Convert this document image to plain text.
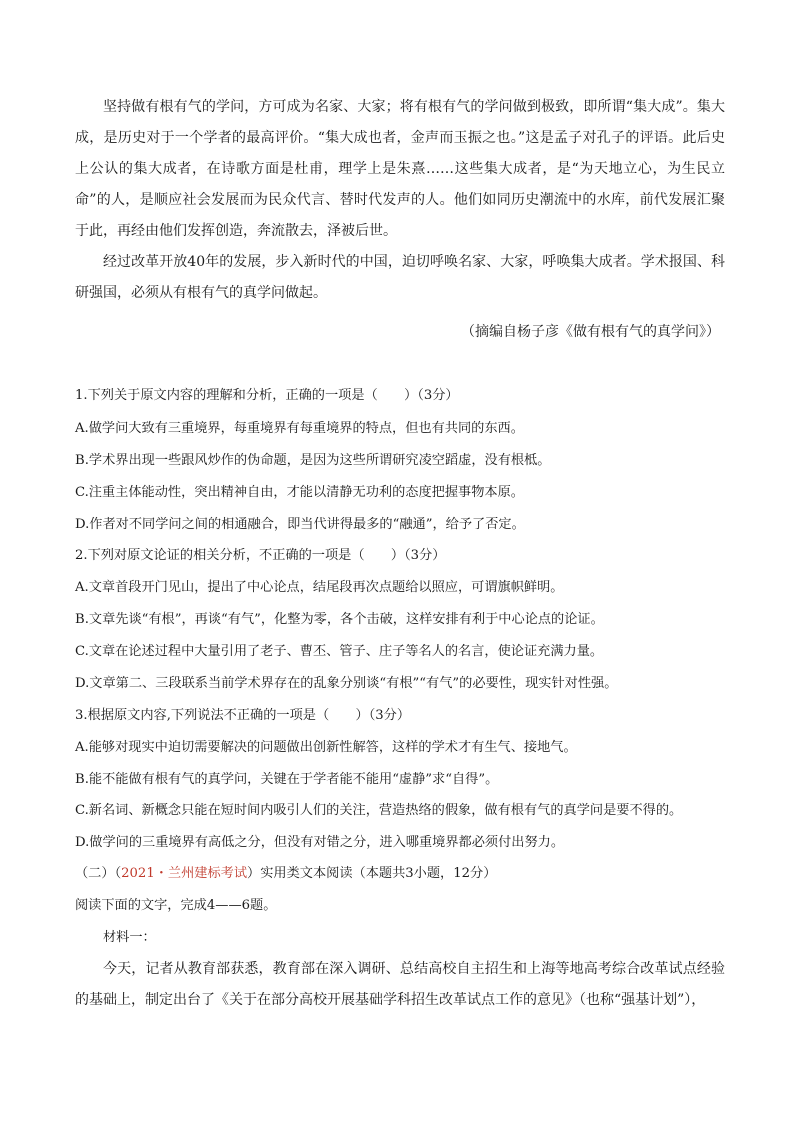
坚持做有根有气的学问，方可成为名家、大家；将有根有气的学问做到极致，即所谓“集大成”。集大成，是历史对于一个学者的最高评价。“集大成也者，金声而玉振之也。”这是孟子对孔子的评语。此后史上公认的集大成者，在诗歌方面是杜甫，理学上是朱熹……这些集大成者，是“为天地立心，为生民立命”的人，是顺应社会发展而为民众代言、替时代发声的人。他们如同历史潮流中的水库，前代发展汇聚于此，再经由他们发挥创造，奔流散去，泽被后世。

经过改革开放40年的发展，步入新时代的中国，迫切呼唤名家、大家，呼唤集大成者。学术报国、科研强国，必须从有根有气的真学问做起。

（摘编自杨子彦《做有根有气的真学问》）

1.下列关于原文内容的理解和分析，正确的一项是（　　）（3分）

A.做学问大致有三重境界，每重境界有每重境界的特点，但也有共同的东西。

B.学术界出现一些跟风炒作的伪命题，是因为这些所谓研究凌空蹈虚，没有根柢。

C.注重主体能动性，突出精神自由，才能以清静无功利的态度把握事物本原。

D.作者对不同学问之间的相通融合，即当代讲得最多的“融通”，给予了否定。

2.下列对原文论证的相关分析，不正确的一项是（　　）（3分）

A.文章首段开门见山，提出了中心论点，结尾段再次点题给以照应，可谓旗帜鲜明。

B.文章先谈“有根”，再谈“有气”，化整为零，各个击破，这样安排有利于中心论点的论证。

C.文章在论述过程中大量引用了老子、曹丕、管子、庄子等名人的名言，使论证充满力量。

D.文章第二、三段联系当前学术界存在的乱象分别谈“有根”“有气”的必要性，现实针对性强。

3.根据原文内容,下列说法不正确的一项是（　　）（3分）

A.能够对现实中迫切需要解决的问题做出创新性解答，这样的学术才有生气、接地气。

B.能不能做有根有气的真学问，关键在于学者能不能用“虚静”求“自得”。

C.新名词、新概念只能在短时间内吸引人们的关注，营造热络的假象，做有根有气的真学问是要不得的。

D.做学问的三重境界有高低之分，但没有对错之分，进入哪重境界都必须付出努力。

（二）（2021・兰州建标考试）实用类文本阅读（本题共3小题，12分）

阅读下面的文字，完成4——6题。

材料一：

今天，记者从教育部获悉，教育部在深入调研、总结高校自主招生和上海等地高考综合改革试点经验的基础上，制定出台了《关于在部分高校开展基础学科招生改革试点工作的意见》（也称“强基计划”），
